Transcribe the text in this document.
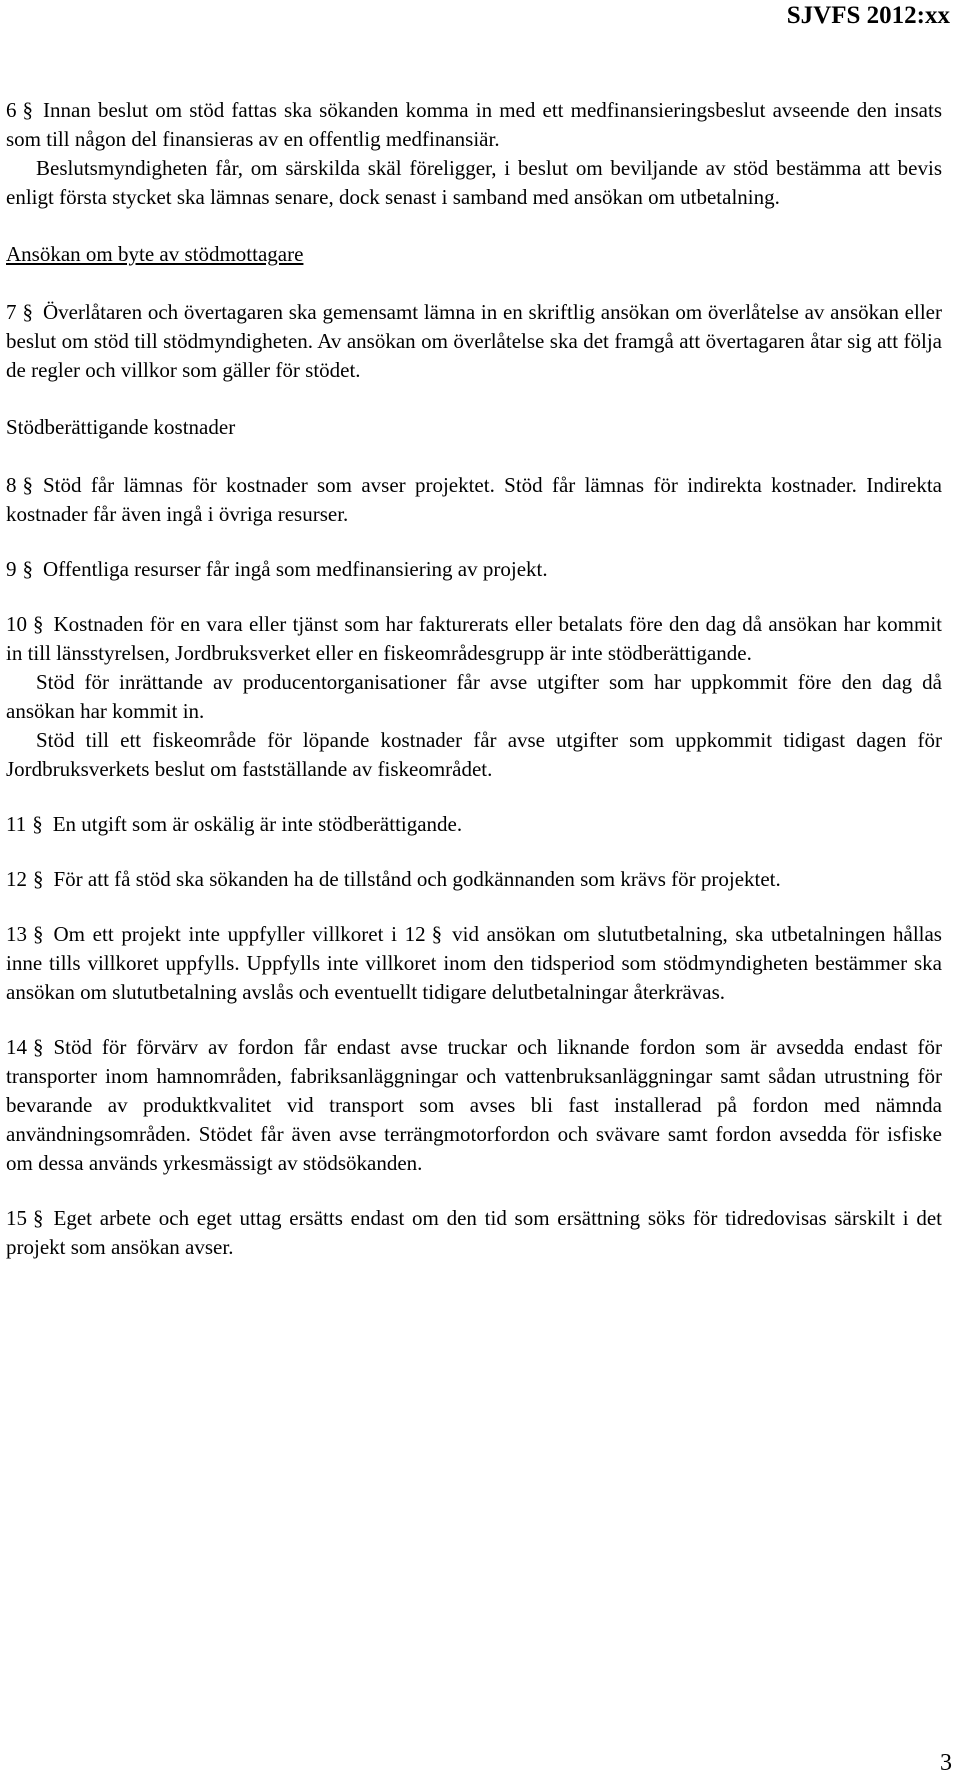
SJVFS 2012:xx

6 § Innan beslut om stöd fattas ska sökanden komma in med ett medfinansieringsbeslut avseende den insats som till någon del finansieras av en offentlig medfinansiär.

Beslutsmyndigheten får, om särskilda skäl föreligger, i beslut om beviljande av stöd bestämma att bevis enligt första stycket ska lämnas senare, dock senast i samband med ansökan om utbetalning.

Ansökan om byte av stödmottagare

7 § Överlåtaren och övertagaren ska gemensamt lämna in en skriftlig ansökan om överlåtelse av ansökan eller beslut om stöd till stödmyndigheten. Av ansökan om överlåtelse ska det framgå att övertagaren åtar sig att följa de regler och villkor som gäller för stödet.

Stödberättigande kostnader

8 § Stöd får lämnas för kostnader som avser projektet. Stöd får lämnas för indirekta kostnader. Indirekta kostnader får även ingå i övriga resurser.

9 § Offentliga resurser får ingå som medfinansiering av projekt.

10 § Kostnaden för en vara eller tjänst som har fakturerats eller betalats före den dag då ansökan har kommit in till länsstyrelsen, Jordbruksverket eller en fiskeområdesgrupp är inte stödberättigande.

Stöd för inrättande av producentorganisationer får avse utgifter som har uppkommit före den dag då ansökan har kommit in.

Stöd till ett fiskeområde för löpande kostnader får avse utgifter som uppkommit tidigast dagen för Jordbruksverkets beslut om fastställande av fiskeområdet.

11 § En utgift som är oskälig är inte stödberättigande.

12 § För att få stöd ska sökanden ha de tillstånd och godkännanden som krävs för projektet.

13 § Om ett projekt inte uppfyller villkoret i 12 § vid ansökan om slututbetalning, ska utbetalningen hållas inne tills villkoret uppfylls. Uppfylls inte villkoret inom den tidsperiod som stödmyndigheten bestämmer ska ansökan om slututbetalning avslås och eventuellt tidigare delutbetalningar återkrävas.

14 § Stöd för förvärv av fordon får endast avse truckar och liknande fordon som är avsedda endast för transporter inom hamnområden, fabriksanläggningar och vattenbruksanläggningar samt sådan utrustning för bevarande av produktkvalitet vid transport som avses bli fast installerad på fordon med nämnda användningsområden. Stödet får även avse terrängmotorfordon och svävare samt fordon avsedda för isfiske om dessa används yrkesmässigt av stödsökanden.

15 § Eget arbete och eget uttag ersätts endast om den tid som ersättning söks för tidredovisas särskilt i det projekt som ansökan avser.

3
